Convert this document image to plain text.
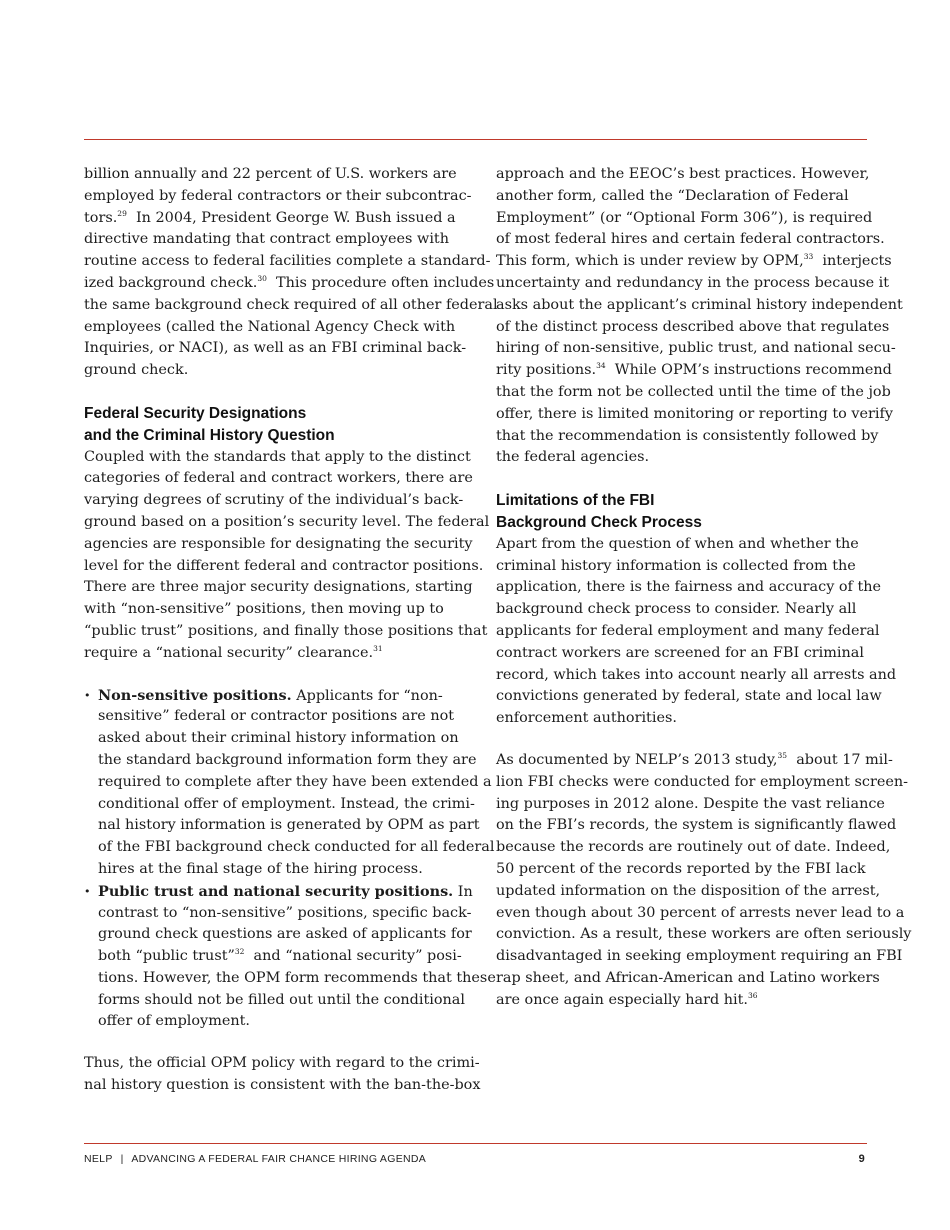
billion annually and 22 percent of U.S. workers are
employed by federal contractors or their subcontrac-
tors.$^{29}$  In 2004, President George W. Bush issued a
directive mandating that contract employees with
routine access to federal facilities complete a standard-
ized background check.$^{30}$  This procedure often includes
the same background check required of all other federal
employees (called the National Agency Check with
Inquiries, or NACI), as well as an FBI criminal back-
ground check.
Federal Security Designations
and the Criminal History Question
Coupled with the standards that apply to the distinct
categories of federal and contract workers, there are
varying degrees of scrutiny of the individual’s back-
ground based on a position’s security level. The federal
agencies are responsible for designating the security
level for the different federal and contractor positions.
There are three major security designations, starting
with “non-sensitive” positions, then moving up to
“public trust” positions, and finally those positions that
require a “national security” clearance.$^{31}$
• Non-sensitive positions. Applicants for “non-
sensitive” federal or contractor positions are not
asked about their criminal history information on
the standard background information form they are
required to complete after they have been extended a
conditional offer of employment. Instead, the crimi-
nal history information is generated by OPM as part
of the FBI background check conducted for all federal
hires at the final stage of the hiring process.
• Public trust and national security positions. In
contrast to “non-sensitive” positions, specific back-
ground check questions are asked of applicants for
both “public trust”$^{32}$  and “national security” posi-
tions. However, the OPM form recommends that these
forms should not be filled out until the conditional
offer of employment.
Thus, the official OPM policy with regard to the crimi-
nal history question is consistent with the ban-the-box
approach and the EEOC’s best practices. However,
another form, called the “Declaration of Federal
Employment” (or “Optional Form 306”), is required
of most federal hires and certain federal contractors.
This form, which is under review by OPM,$^{33}$  interjects
uncertainty and redundancy in the process because it
asks about the applicant’s criminal history independent
of the distinct process described above that regulates
hiring of non-sensitive, public trust, and national secu-
rity positions.$^{34}$  While OPM’s instructions recommend
that the form not be collected until the time of the job
offer, there is limited monitoring or reporting to verify
that the recommendation is consistently followed by
the federal agencies.
Limitations of the FBI
Background Check Process
Apart from the question of when and whether the
criminal history information is collected from the
application, there is the fairness and accuracy of the
background check process to consider. Nearly all
applicants for federal employment and many federal
contract workers are screened for an FBI criminal
record, which takes into account nearly all arrests and
convictions generated by federal, state and local law
enforcement authorities.
As documented by NELP’s 2013 study,$^{35}$  about 17 mil-
lion FBI checks were conducted for employment screen-
ing purposes in 2012 alone. Despite the vast reliance
on the FBI’s records, the system is significantly flawed
because the records are routinely out of date. Indeed,
50 percent of the records reported by the FBI lack
updated information on the disposition of the arrest,
even though about 30 percent of arrests never lead to a
conviction. As a result, these workers are often seriously
disadvantaged in seeking employment requiring an FBI
rap sheet, and African-American and Latino workers
are once again especially hard hit.$^{36}$
NELP | ADVANCING A FEDERAL FAIR CHANCE HIRING AGENDA	9
